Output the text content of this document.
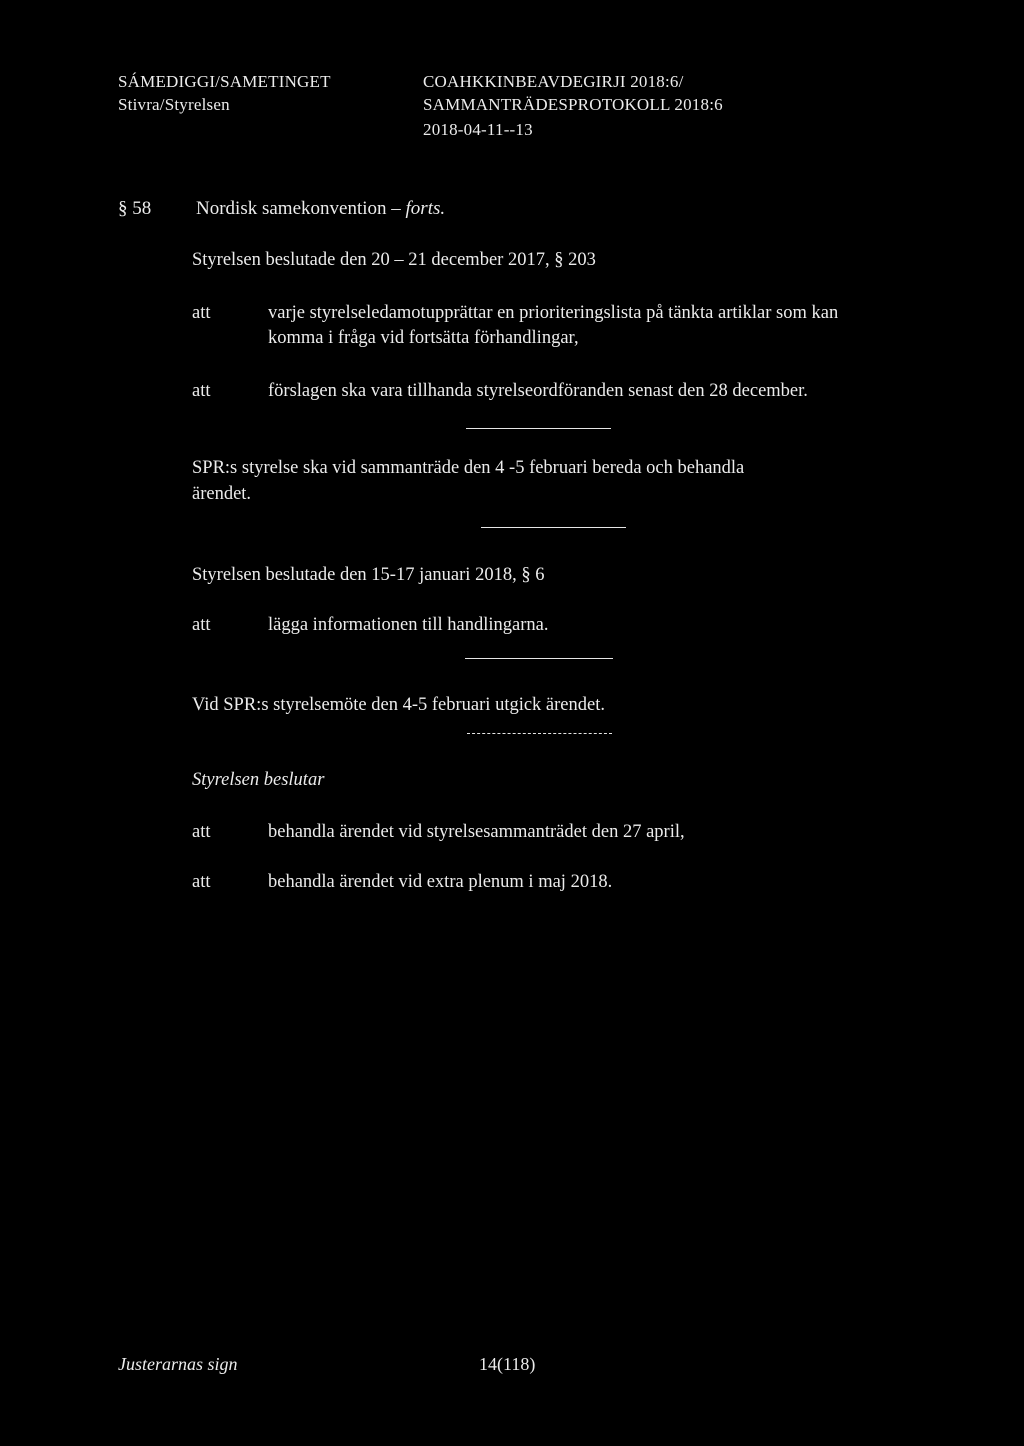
SÁMEDIGGI/SAMETINGET
Stivra/Styrelsen
COAHKKINBEAVDEGIRJI 2018:6/
SAMMANTRÄDESPROTOKOLL 2018:6
2018-04-11--13
§ 58 Nordisk samekonvention – forts.
Styrelsen beslutade den 20 – 21 december 2017, § 203
att	varje styrelseledamotupprättar en prioriteringslista på tänkta artiklar som kan
komma i fråga vid fortsätta förhandlingar,
att	förslagen ska vara tillhanda styrelseordföranden senast den 28 december.
SPR:s styrelse ska vid sammanträde den 4 -5 februari bereda och behandla
ärendet.
Styrelsen beslutade den 15-17 januari 2018, § 6
att	lägga informationen till handlingarna.
Vid SPR:s styrelsemöte den 4-5 februari utgick ärendet.
Styrelsen beslutar
att	behandla ärendet vid styrelsesammanträdet den 27 april,
att	behandla ärendet vid extra plenum i maj 2018.
Justerarnas sign	14(118)
